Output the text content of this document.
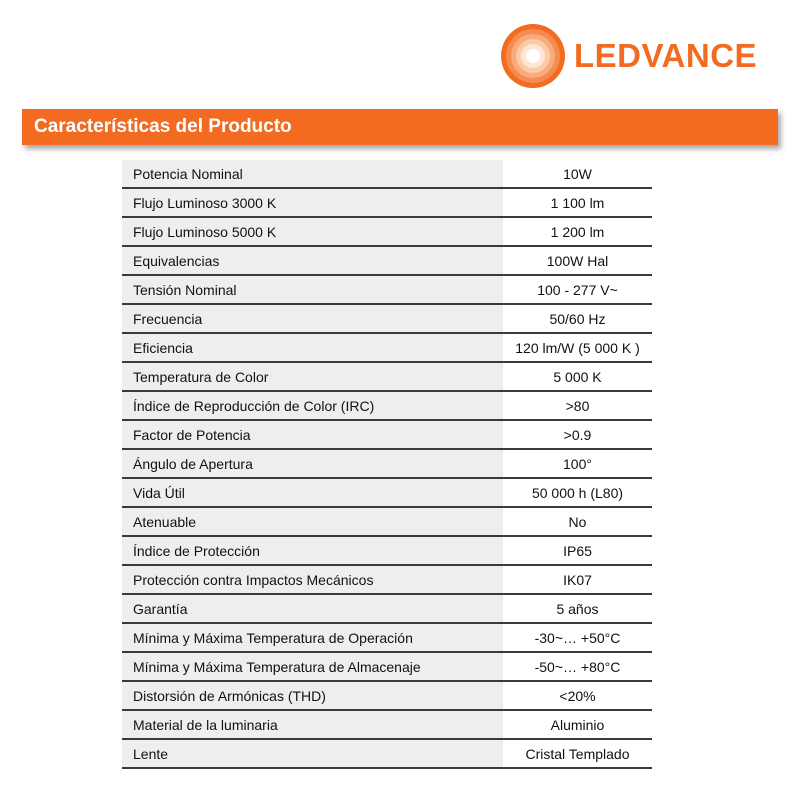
LEDVANCE
Características del Producto
Potencia Nominal	10W
Flujo Luminoso 3000 K	1 100 lm
Flujo Luminoso 5000 K	1 200 lm
Equivalencias	100W Hal
Tensión Nominal	100 - 277 V~
Frecuencia	50/60 Hz
Eficiencia	120 lm/W (5 000 K )
Temperatura de Color	5 000 K
Índice de Reproducción de Color (IRC)	>80
Factor de Potencia	>0.9
Ángulo de Apertura	100°
Vida Útil	50 000 h (L80)
Atenuable	No
Índice de Protección	IP65
Protección contra Impactos Mecánicos	IK07
Garantía	5 años
Mínima y Máxima Temperatura de Operación	-30~… +50°C
Mínima y Máxima Temperatura de Almacenaje	-50~… +80°C
Distorsión de Armónicas (THD)	<20%
Material de la luminaria	Aluminio
Lente	Cristal Templado
